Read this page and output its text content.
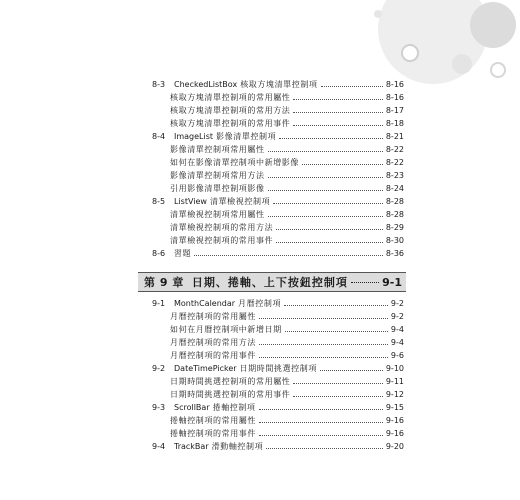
8-3	CheckedListBox 核取方塊清單控制項	8-16
核取方塊清單控制項的常用屬性	8-16
核取方塊清單控制項的常用方法	8-17
核取方塊清單控制項的常用事件	8-18
8-4	ImageList 影像清單控制項	8-21
影像清單控制項常用屬性	8-22
如何在影像清單控制項中新增影像	8-22
影像清單控制項常用方法	8-23
引用影像清單控制項影像	8-24
8-5	ListView 清單檢視控制項	8-28
清單檢視控制項常用屬性	8-28
清單檢視控制項的常用方法	8-29
清單檢視控制項的常用事件	8-30
8-6	習題	8-36
第 9 章 日期、捲軸、上下按鈕控制項	9-1
9-1	MonthCalendar 月曆控制項	9-2
月曆控制項的常用屬性	9-2
如何在月曆控制項中新增日期	9-4
月曆控制項的常用方法	9-4
月曆控制項的常用事件	9-6
9-2	DateTimePicker 日期時間挑選控制項	9-10
日期時間挑選控制項的常用屬性	9-11
日期時間挑選控制項的常用事件	9-12
9-3	ScrollBar 捲軸控制項	9-15
捲軸控制項的常用屬性	9-16
捲軸控制項的常用事件	9-16
9-4	TrackBar 滑動軸控制項	9-20
